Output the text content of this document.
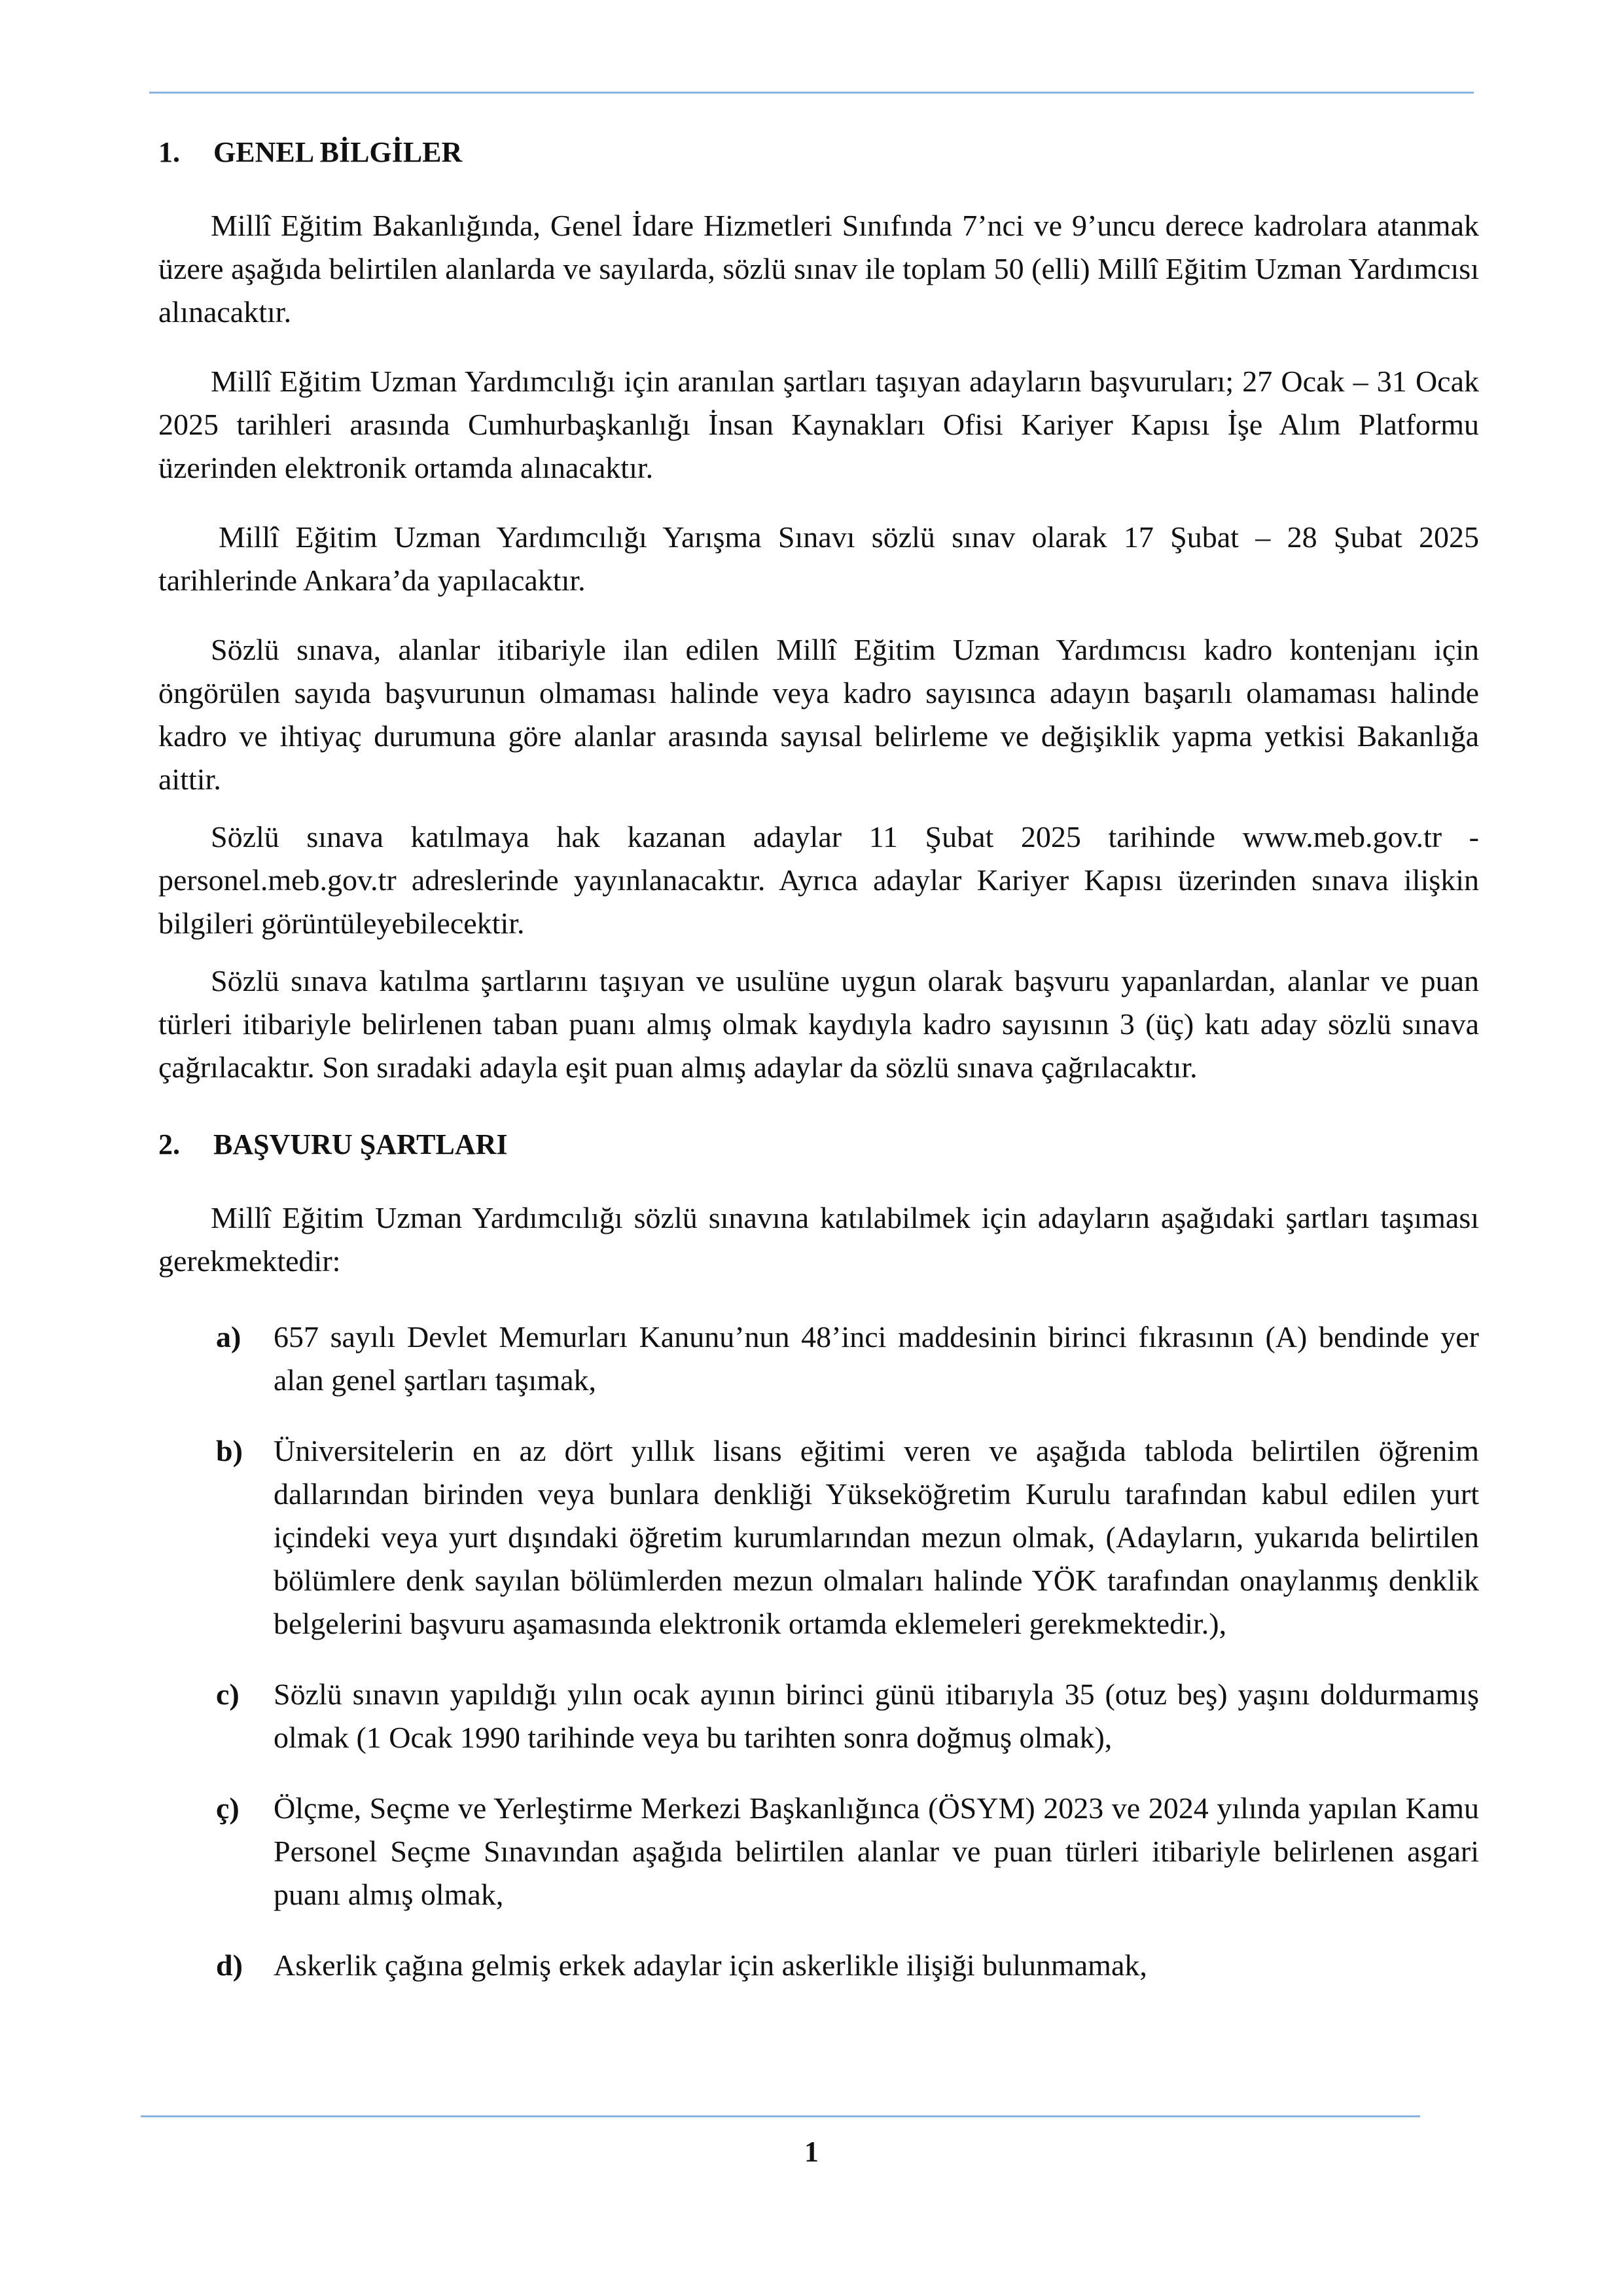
1.	GENEL BİLGİLER

Millî Eğitim Bakanlığında, Genel İdare Hizmetleri Sınıfında 7’nci ve 9’uncu derece kadrolara atanmak üzere aşağıda belirtilen alanlarda ve sayılarda, sözlü sınav ile toplam 50 (elli) Millî Eğitim Uzman Yardımcısı alınacaktır.

Millî Eğitim Uzman Yardımcılığı için aranılan şartları taşıyan adayların başvuruları; 27 Ocak – 31 Ocak 2025 tarihleri arasında Cumhurbaşkanlığı İnsan Kaynakları Ofisi Kariyer Kapısı İşe Alım Platformu üzerinden elektronik ortamda alınacaktır.

Millî Eğitim Uzman Yardımcılığı Yarışma Sınavı sözlü sınav olarak 17 Şubat – 28 Şubat 2025 tarihlerinde Ankara’da yapılacaktır.

Sözlü sınava, alanlar itibariyle ilan edilen Millî Eğitim Uzman Yardımcısı kadro kontenjanı için öngörülen sayıda başvurunun olmaması halinde veya kadro sayısınca adayın başarılı olamaması halinde kadro ve ihtiyaç durumuna göre alanlar arasında sayısal belirleme ve değişiklik yapma yetkisi Bakanlığa aittir.

Sözlü sınava katılmaya hak kazanan adaylar 11 Şubat 2025 tarihinde www.meb.gov.tr - personel.meb.gov.tr adreslerinde yayınlanacaktır. Ayrıca adaylar Kariyer Kapısı üzerinden sınava ilişkin bilgileri görüntüleyebilecektir.

Sözlü sınava katılma şartlarını taşıyan ve usulüne uygun olarak başvuru yapanlardan, alanlar ve puan türleri itibariyle belirlenen taban puanı almış olmak kaydıyla kadro sayısının 3 (üç) katı aday sözlü sınava çağrılacaktır. Son sıradaki adayla eşit puan almış adaylar da sözlü sınava çağrılacaktır.

2.	BAŞVURU ŞARTLARI

Millî Eğitim Uzman Yardımcılığı sözlü sınavına katılabilmek için adayların aşağıdaki şartları taşıması gerekmektedir:

a)	657 sayılı Devlet Memurları Kanunu’nun 48’inci maddesinin birinci fıkrasının (A) bendinde yer alan genel şartları taşımak,
b)	Üniversitelerin en az dört yıllık lisans eğitimi veren ve aşağıda tabloda belirtilen öğrenim dallarından birinden veya bunlara denkliği Yükseköğretim Kurulu tarafından kabul edilen yurt içindeki veya yurt dışındaki öğretim kurumlarından mezun olmak, (Adayların, yukarıda belirtilen bölümlere denk sayılan bölümlerden mezun olmaları halinde YÖK tarafından onaylanmış denklik belgelerini başvuru aşamasında elektronik ortamda eklemeleri gerekmektedir.),
c)	Sözlü sınavın yapıldığı yılın ocak ayının birinci günü itibarıyla 35 (otuz beş) yaşını doldurmamış olmak (1 Ocak 1990 tarihinde veya bu tarihten sonra doğmuş olmak),
ç)	Ölçme, Seçme ve Yerleştirme Merkezi Başkanlığınca (ÖSYM) 2023 ve 2024 yılında yapılan Kamu Personel Seçme Sınavından aşağıda belirtilen alanlar ve puan türleri itibariyle belirlenen asgari puanı almış olmak,
d)	Askerlik çağına gelmiş erkek adaylar için askerlikle ilişiği bulunmamak,
1
